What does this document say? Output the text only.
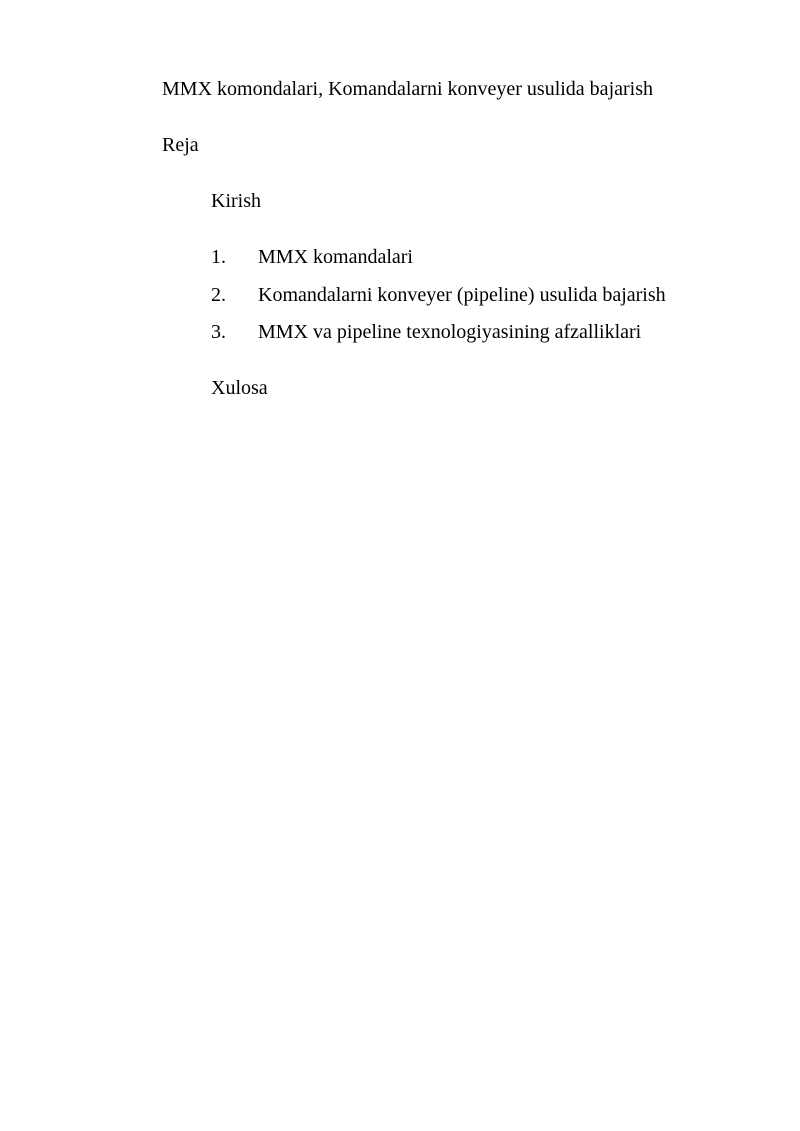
MMX komondalari, Komandalarni konveyer usulida bajarish
Reja
Kirish
1. MMX komandalari
2. Komandalarni konveyer (pipeline) usulida bajarish
3. MMX va pipeline texnologiyasining afzalliklari
Xulosa
